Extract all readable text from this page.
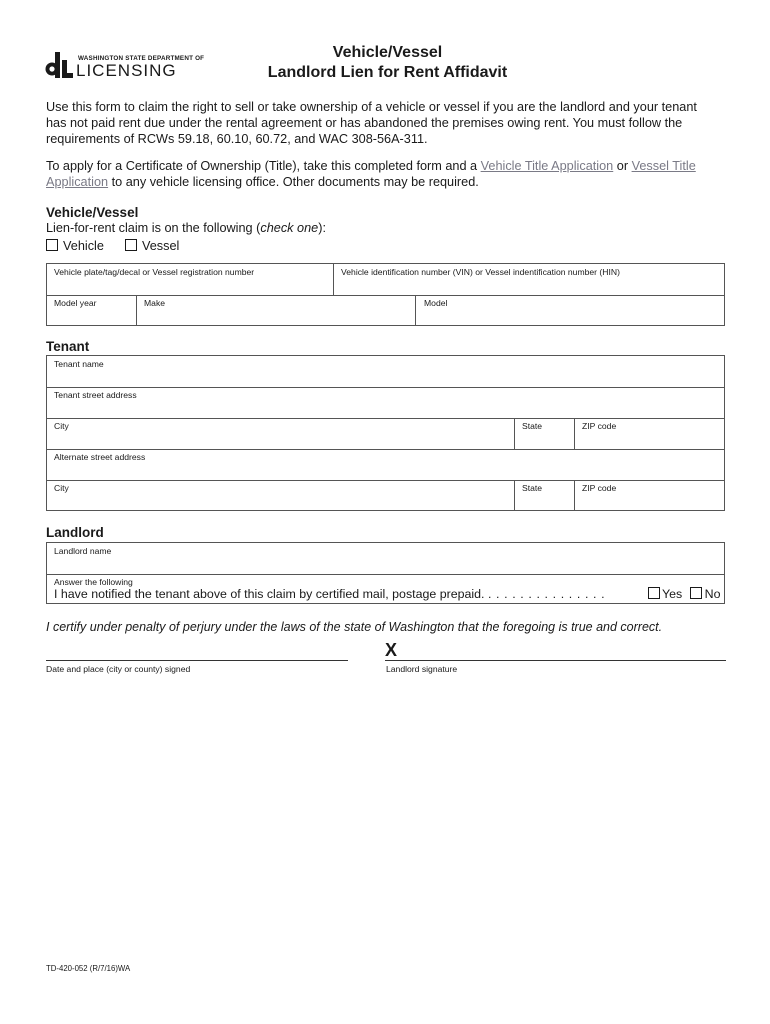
WASHINGTON STATE DEPARTMENT OF
LICENSING
Vehicle/Vessel
Landlord Lien for Rent Affidavit
Use this form to claim the right to sell or take ownership of a vehicle or vessel if you are the landlord and your tenant
has not paid rent due under the rental agreement or has abandoned the premises owing rent. You must follow the
requirements of RCWs 59.18, 60.10, 60.72, and WAC 308-56A-311.
To apply for a Certificate of Ownership (Title), take this completed form and a Vehicle Title Application or Vessel Title
Application to any vehicle licensing office. Other documents may be required.
Vehicle/Vessel
Lien-for-rent claim is on the following (check one):
Vehicle	Vessel
Vehicle plate/tag/decal or Vessel registration number	Vehicle identification number (VIN) or Vessel indentification number (HIN)
Model year	Make	Model
Tenant
Tenant name
Tenant street address
City	State	ZIP code
Alternate street address
City	State	ZIP code
Landlord
Landlord name
Answer the following
I have notified the tenant above of this claim by certified mail, postage prepaid. . . . . . . . . . . . . . . .	Yes No
I certify under penalty of perjury under the laws of the state of Washington that the foregoing is true and correct.
X
Date and place (city or county) signed	Landlord signature
TD-420-052 (R/7/16)WA
